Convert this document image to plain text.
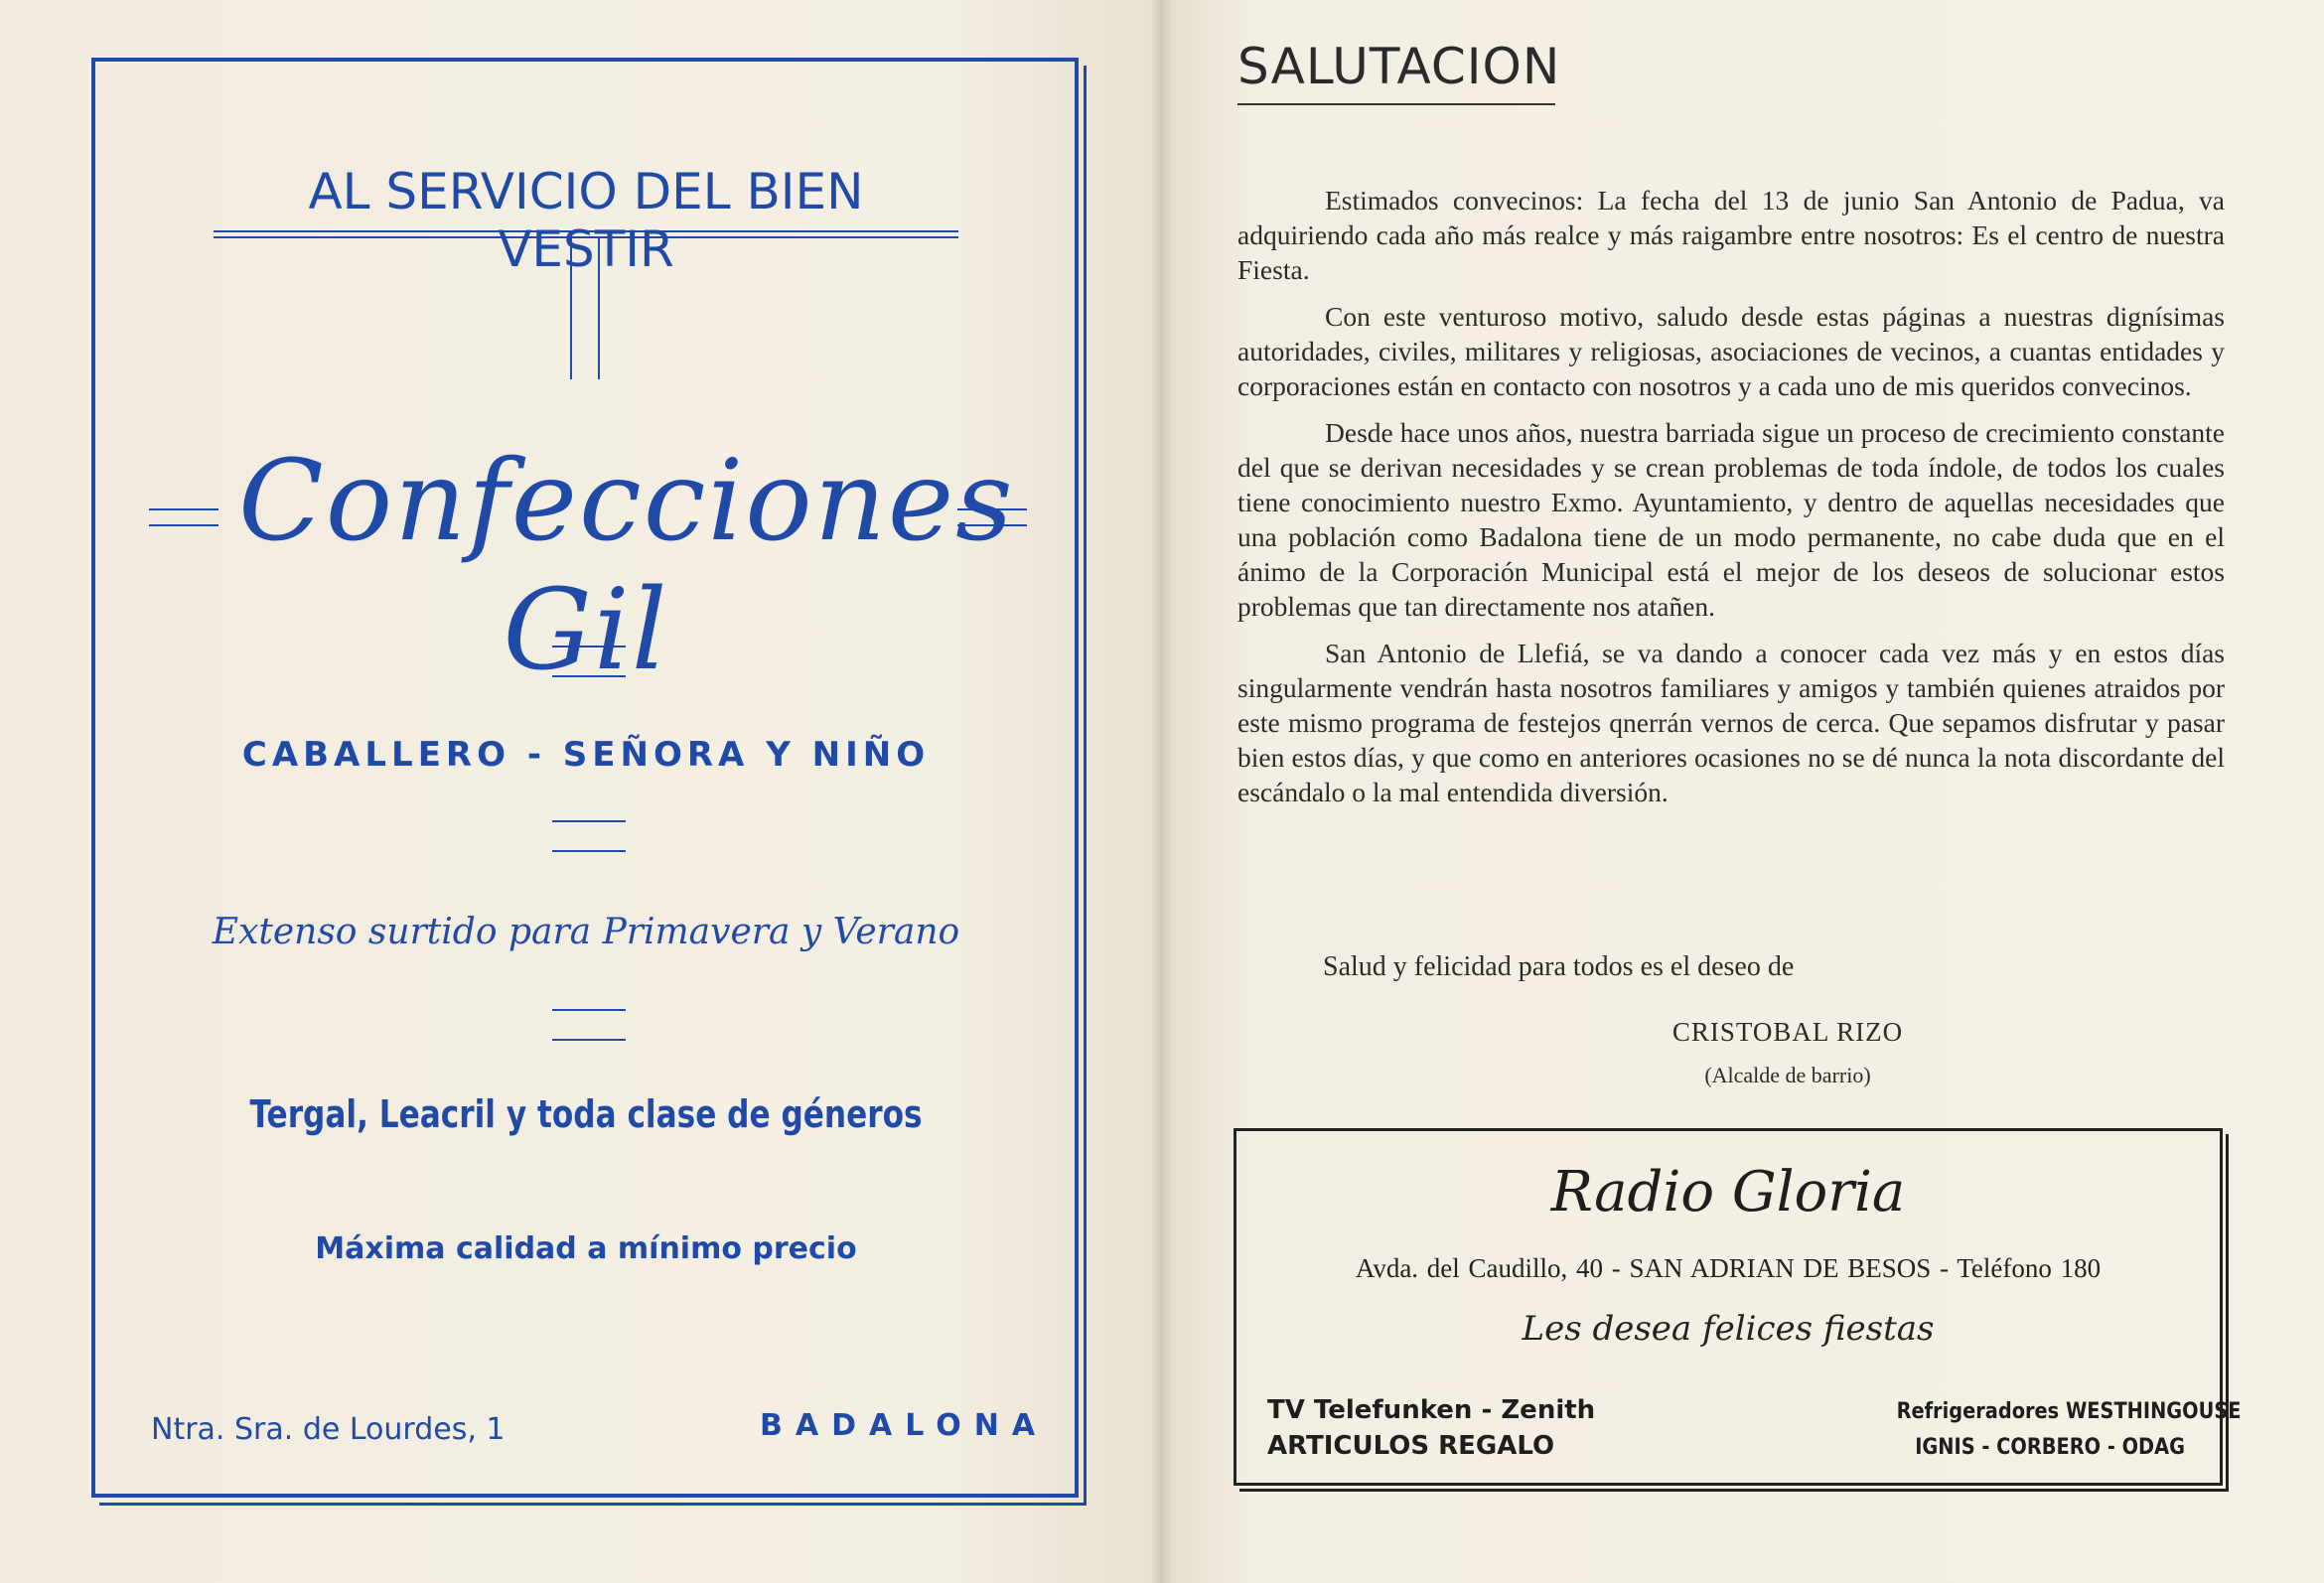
AL SERVICIO DEL BIEN VESTIR
Confecciones Gil
CABALLERO - SEÑORA Y NIÑO
Extenso surtido para Primavera y Verano
Tergal, Leacril y toda clase de géneros
Máxima calidad a mínimo precio
Ntra. Sra. de Lourdes, 1	BADALONA
SALUTACION

Estimados convecinos: La fecha del 13 de junio San Antonio de Padua, va adquiriendo cada año más realce y más raigambre entre nosotros: Es el centro de nuestra Fiesta.

Con este venturoso motivo, saludo desde estas páginas a nuestras dignísimas autoridades, civiles, militares y religiosas, asociaciones de vecinos, a cuantas entidades y corporaciones están en contacto con nosotros y a cada uno de mis queridos convecinos.

Desde hace unos años, nuestra barriada sigue un proceso de crecimiento constante del que se derivan necesidades y se crean problemas de toda índole, de todos los cuales tiene conocimiento nuestro Exmo. Ayuntamiento, y dentro de aquellas necesidades que una población como Badalona tiene de un modo permanente, no cabe duda que en el ánimo de la Corporación Municipal está el mejor de los deseos de solucionar estos problemas que tan directamente nos atañen.

San Antonio de Llefiá, se va dando a conocer cada vez más y en estos días singularmente vendrán hasta nosotros familiares y amigos y también quienes atraidos por este mismo programa de festejos qnerrán vernos de cerca. Que sepamos disfrutar y pasar bien estos días, y que como en anteriores ocasiones no se dé nunca la nota discordante del escándalo o la mal entendida diversión.

Salud y felicidad para todos es el deseo de
CRISTOBAL RIZO
(Alcalde de barrio)
Radio Gloria
Avda. del Caudillo, 40 - SAN ADRIAN DE BESOS - Teléfono 180
Les desea felices fiestas
TV Telefunken - Zenith
ARTICULOS REGALO
Refrigeradores WESTHINGOUSE
IGNIS - CORBERO - ODAG
